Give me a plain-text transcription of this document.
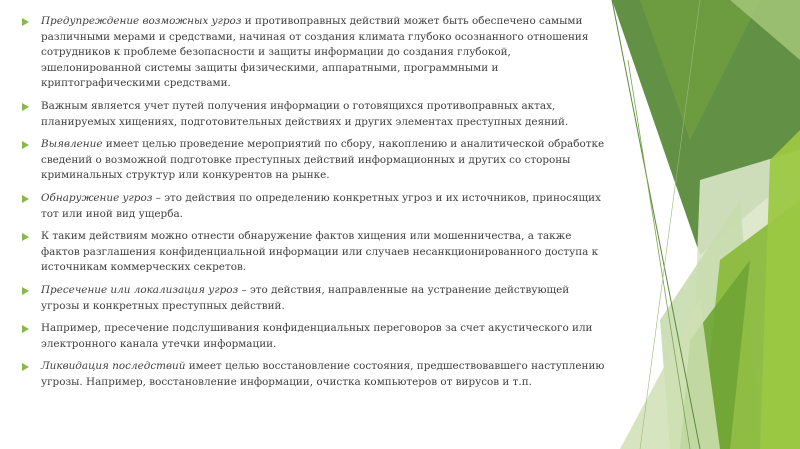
Предупреждение возможных угроз и противоправных действий может быть обеспечено самыми различными мерами и средствами, начиная от создания климата глубоко осознанного отношения сотрудников к проблеме безопасности и защиты информации до создания глубокой, эшелонированной системы защиты физическими, аппаратными, программными и криптографическими средствами.
Важным является учет путей получения информации о готовящихся противоправных актах, планируемых хищениях, подготовительных действиях и других элементах преступных деяний.
Выявление имеет целью проведение мероприятий по сбору, накоплению и аналитической обработке сведений о возможной подготовке преступных действий информационных и других со стороны криминальных структур или конкурентов на рынке.
Обнаружение угроз – это действия по определению конкретных угроз и их источников, приносящих тот или иной вид ущерба.
К таким действиям можно отнести обнаружение фактов хищения или мошенничества, а также фактов разглашения конфиденциальной информации или случаев несанкционированного доступа к источникам коммерческих секретов.
Пресечение или локализация угроз – это действия, направленные на устранение действующей угрозы и конкретных преступных действий.
Например, пресечение подслушивания конфиденциальных переговоров за счет акустического или электронного канала утечки информации.
Ликвидация последствий имеет целью восстановление состояния, предшествовавшего наступлению угрозы. Например, восстановление информации, очистка компьютеров от вирусов и т.п.
